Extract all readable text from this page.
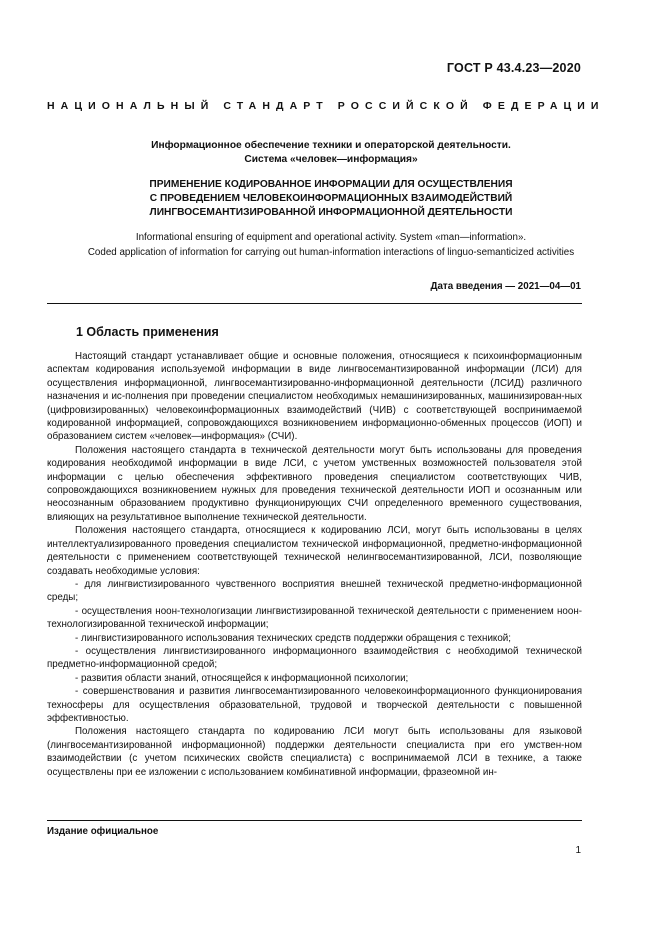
ГОСТ Р 43.4.23—2020
НАЦИОНАЛЬНЫЙ СТАНДАРТ РОССИЙСКОЙ ФЕДЕРАЦИИ
Информационное обеспечение техники и операторской деятельности.
Система «человек—информация»
ПРИМЕНЕНИЕ КОДИРОВАННОЕ ИНФОРМАЦИИ ДЛЯ ОСУЩЕСТВЛЕНИЯ
С ПРОВЕДЕНИЕМ ЧЕЛОВЕКОИНФОРМАЦИОННЫХ ВЗАИМОДЕЙСТВИЙ
ЛИНГВОСЕМАНТИЗИРОВАННОЙ ИНФОРМАЦИОННОЙ ДЕЯТЕЛЬНОСТИ
Informational ensuring of equipment and operational activity. System «man—information».
Coded application of information for carrying out human-information interactions of linguo-semanticized activities
Дата введения — 2021—04—01
1 Область применения

Настоящий стандарт устанавливает общие и основные положения, относящиеся к психоинформационным аспектам кодирования используемой информации в виде лингвосемантизированной информации (ЛСИ) для осуществления информационной, лингвосемантизированно-информационной деятельности (ЛСИД) различного назначения и ис-полнения при проведении специалистом необходимых немашинизированных, машинизирован-ных (цифровизированных) человекоинформационных взаимодействий (ЧИВ) с соответствующей воспринимаемой кодированной информацией, сопровождающихся возникновением информационно-обменных процессов (ИОП) и образованием систем «человек—информация» (СЧИ).

Положения настоящего стандарта в технической деятельности могут быть использованы для проведения кодирования необходимой информации в виде ЛСИ, с учетом умственных возможностей пользователя этой информации с целью обеспечения эффективного проведения специалистом соответствующих ЧИВ, сопровождающихся возникновением нужных для проведения технической деятельности ИОП и осознанным или неосознанным образованием продуктивно функционирующих СЧИ определенного временного существования, влияющих на результативное выполнение технической деятельности.

Положения настоящего стандарта, относящиеся к кодированию ЛСИ, могут быть использованы в целях интеллектуализированного проведения специалистом технической информационной, предметно-информационной деятельности с применением соответствующей технической нелингвосемантизированной, ЛСИ, позволяющие создавать необходимые условия:

- для лингвистизированного чувственного восприятия внешней технической предметно-информационной среды;

- осуществления ноон-технологизации лингвистизированной технической деятельности с применением ноон-технологизированной технической информации;

- лингвистизированного использования технических средств поддержки обращения с техникой;

- осуществления лингвистизированного информационного взаимодействия с необходимой технической предметно-информационной средой;

- развития области знаний, относящейся к информационной психологии;

- совершенствования и развития лингвосемантизированного человекоинформационного функционирования техносферы для осуществления образовательной, трудовой и творческой деятельности с повышенной эффективностью.

Положения настоящего стандарта по кодированию ЛСИ могут быть использованы для языковой (лингвосемантизированной информационной) поддержки деятельности специалиста при его умствен-ном взаимодействии (с учетом психических свойств специалиста) с воспринимаемой ЛСИ в технике, а также осуществлены при ее изложении с использованием комбинативной информации, фразеомной ин-

Издание официальное
1
